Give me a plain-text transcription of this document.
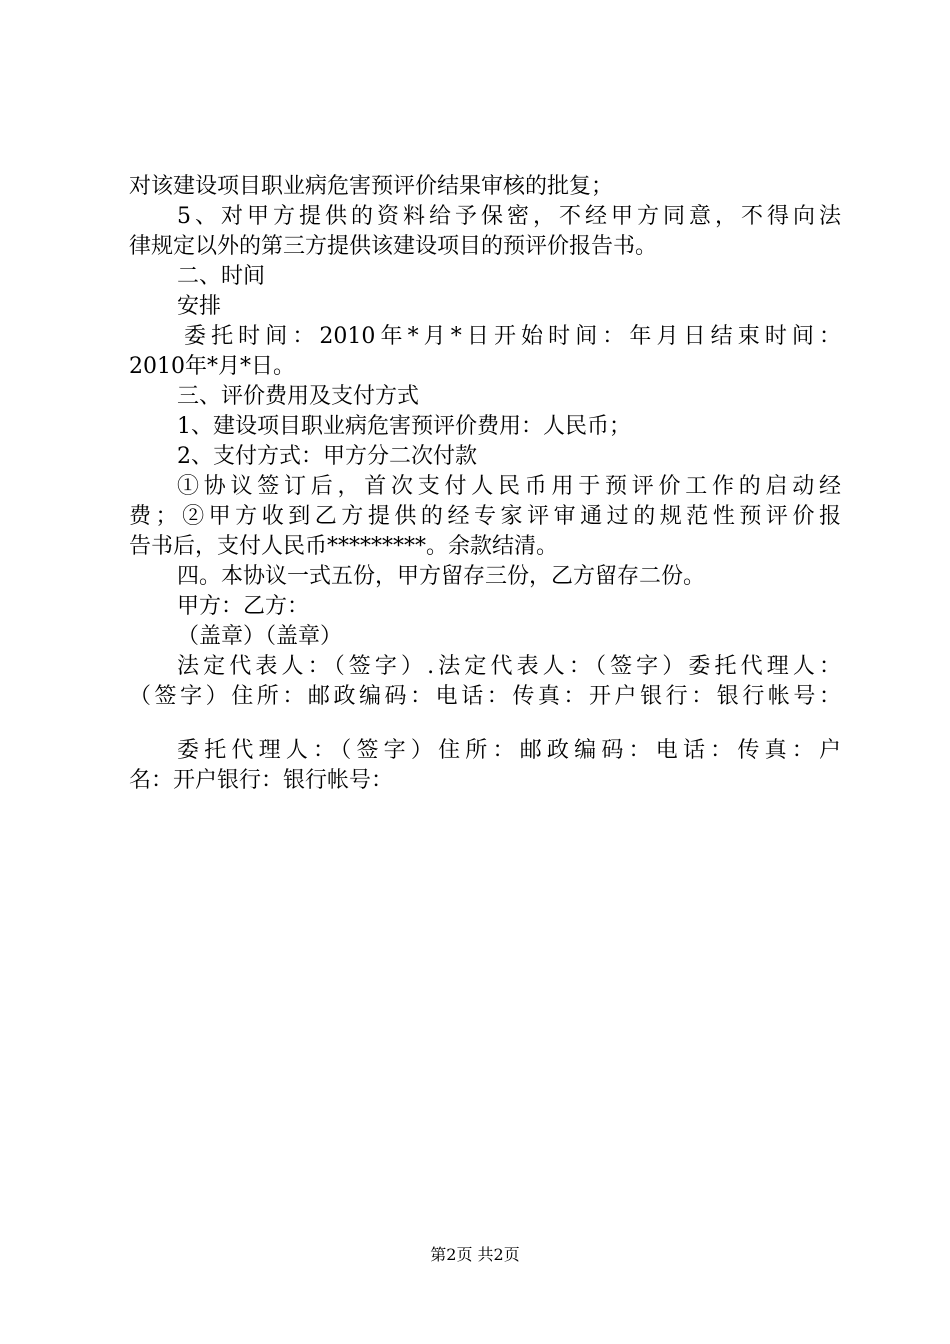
对该建设项目职业病危害预评价结果审核的批复；
5、对甲方提供的资料给予保密，不经甲方同意，不得向法
律规定以外的第三方提供该建设项目的预评价报告书。
二、时间
安排
委托时间：2010年*月*日开始时间：年月日结束时间：
2010年*月*日。
三、评价费用及支付方式
1、建设项目职业病危害预评价费用：人民币；
2、支付方式：甲方分二次付款
①协议签订后，首次支付人民币用于预评价工作的启动经
费；②甲方收到乙方提供的经专家评审通过的规范性预评价报
告书后，支付人民币*********。余款结清。
四。本协议一式五份，甲方留存三份，乙方留存二份。
甲方：乙方：
（盖章）（盖章）
法定代表人：（签字）.法定代表人：（签字）委托代理人：
（签字）住所：邮政编码：电话：传真：开户银行：银行帐号：
委托代理人：（签字）住所：邮政编码：电话：传真：户
名：开户银行：银行帐号：
第2页 共2页
